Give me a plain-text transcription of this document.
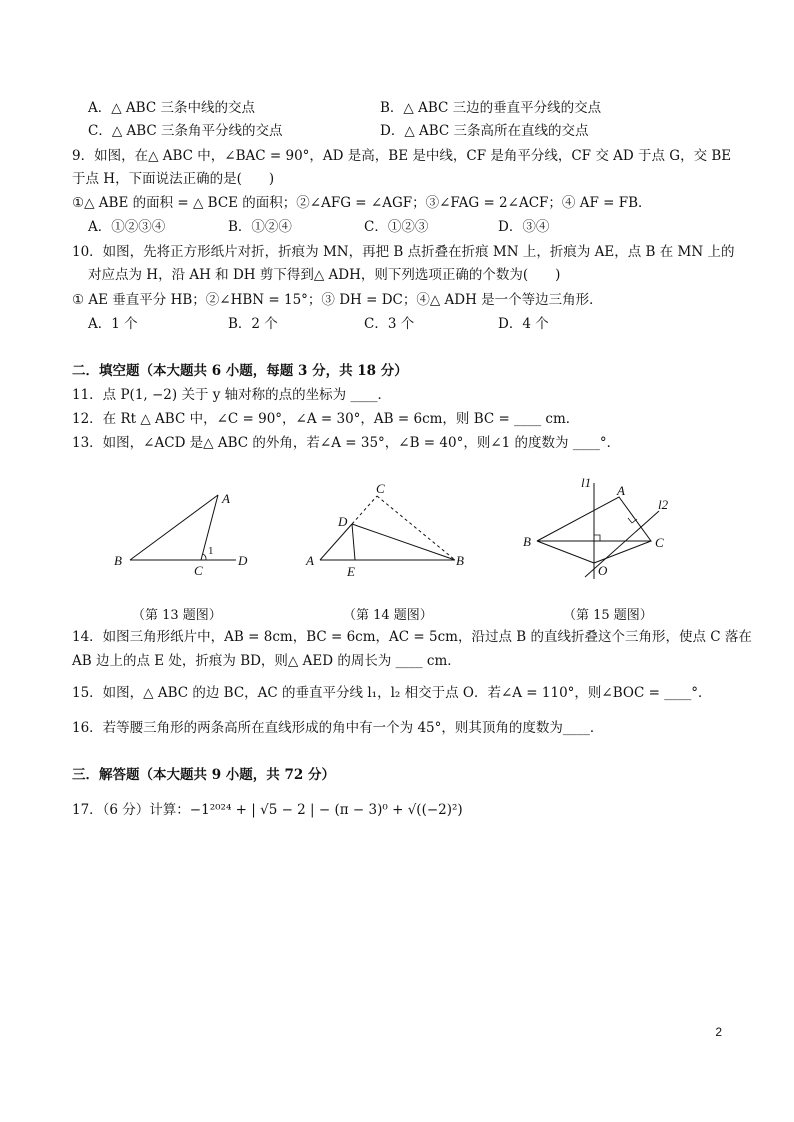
A．△ ABC 三条中线的交点	B．△ ABC 三边的垂直平分线的交点
C．△ ABC 三条角平分线的交点	D．△ ABC 三条高所在直线的交点
9．如图，在△ ABC 中，∠BAC = 90°，AD 是高，BE 是中线，CF 是角平分线，CF 交 AD 于点 G，交 BE
于点 H，下面说法正确的是(　　)
①△ ABE 的面积 = △ BCE 的面积；②∠AFG = ∠AGF；③∠FAG = 2∠ACF；④ AF = FB．
A．①②③④	B．①②④	C．①②③	D．③④
10．如图，先将正方形纸片对折，折痕为 MN，再把 B 点折叠在折痕 MN 上，折痕为 AE，点 B 在 MN 上的
对应点为 H，沿 AH 和 DH 剪下得到△ ADH，则下列选项正确的个数为(　　)
① AE 垂直平分 HB；②∠HBN = 15°；③ DH = DC；④△ ADH 是一个等边三角形．
A．1 个	B．2 个	C．3 个	D．4 个
二．填空题（本大题共 6 小题，每题 3 分，共 18 分）
11．点 P(1, −2) 关于 y 轴对称的点的坐标为 ____．
12．在 Rt △ ABC 中，∠C = 90°，∠A = 30°，AB = 6cm，则 BC = ____ cm．
13．如图，∠ACD 是△ ABC 的外角，若∠A = 35°，∠B = 40°，则∠1 的度数为 ____°．
A
B
C
D
1
C
D
A
E
B
l1
A
l2
B	C
O
（第 13 题图）	（第 14 题图）	（第 15 题图）
14．如图三角形纸片中，AB = 8cm，BC = 6cm，AC = 5cm，沿过点 B 的直线折叠这个三角形，使点 C 落在
AB 边上的点 E 处，折痕为 BD，则△ AED 的周长为 ____ cm．
15．如图，△ ABC 的边 BC，AC 的垂直平分线 l₁，l₂ 相交于点 O．若∠A = 110°，则∠BOC = ____°．
16．若等腰三角形的两条高所在直线形成的角中有一个为 45°，则其顶角的度数为____．
三．解答题（本大题共 9 小题，共 72 分）
17．（6 分）计算：−1²⁰²⁴ + | √5 − 2 | − (π − 3)⁰ + √((−2)²)
2
